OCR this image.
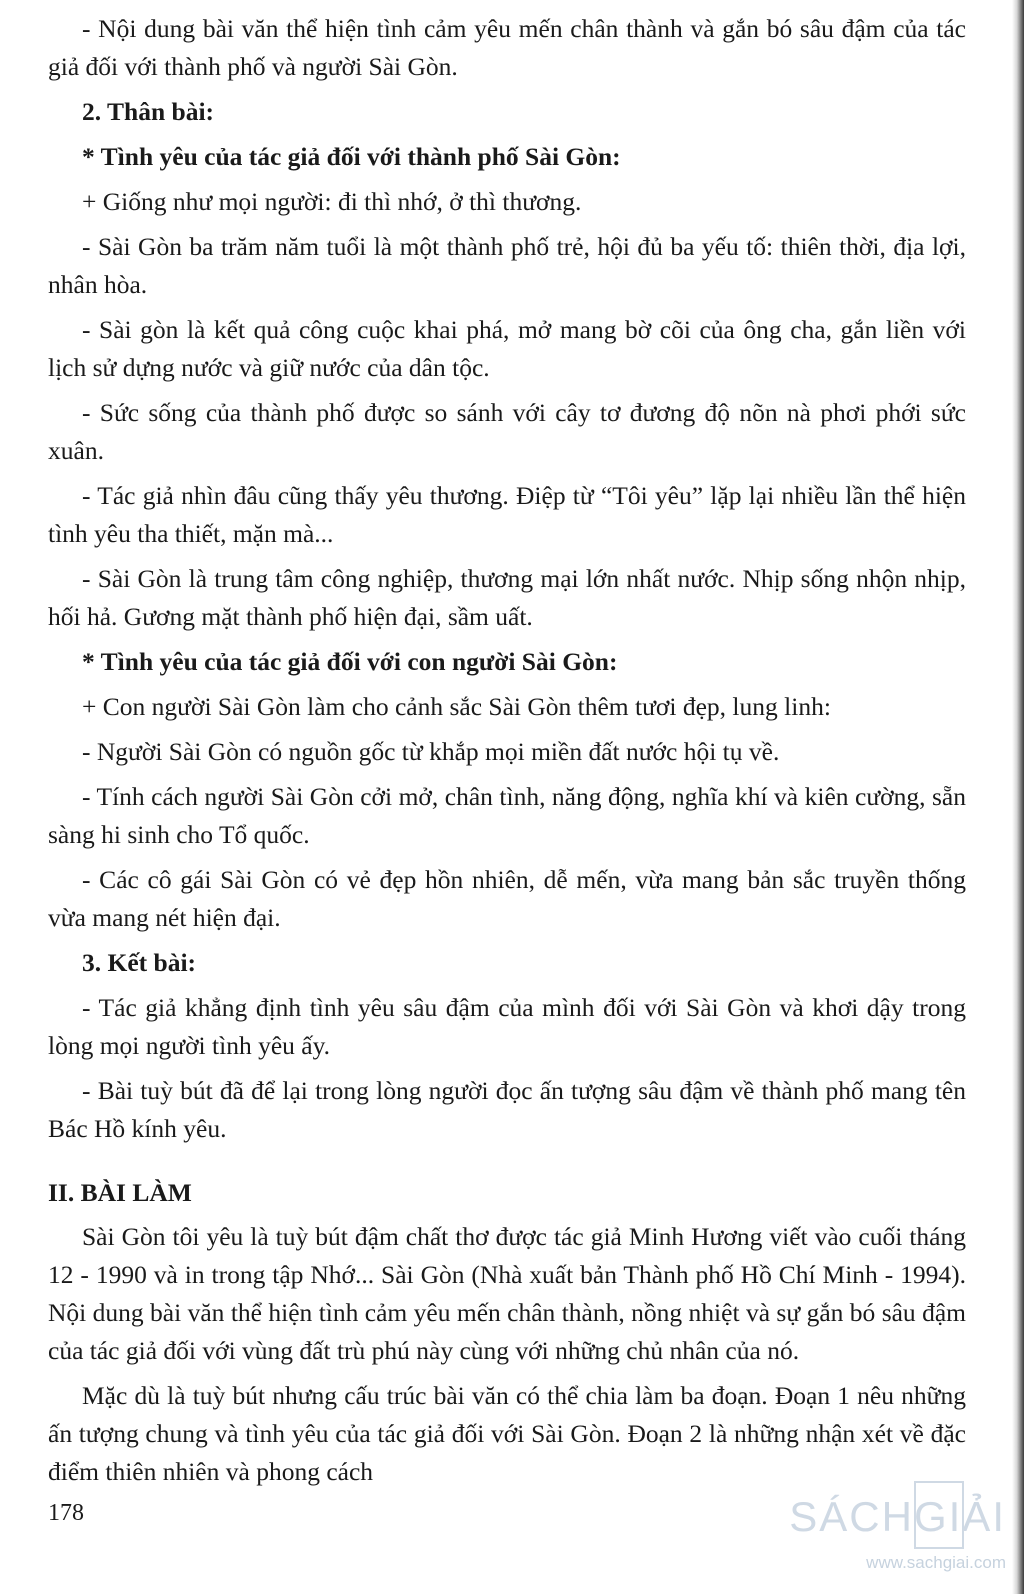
- Nội dung bài văn thể hiện tình cảm yêu mến chân thành và gắn bó sâu đậm của tác giả đối với thành phố và người Sài Gòn.
2. Thân bài:
* Tình yêu của tác giả đối với thành phố Sài Gòn:
+ Giống như mọi người: đi thì nhớ, ở thì thương.
- Sài Gòn ba trăm năm tuổi là một thành phố trẻ, hội đủ ba yếu tố: thiên thời, địa lợi, nhân hòa.
- Sài gòn là kết quả công cuộc khai phá, mở mang bờ cõi của ông cha, gắn liền với lịch sử dựng nước và giữ nước của dân tộc.
- Sức sống của thành phố được so sánh với cây tơ đương độ nõn nà phơi phới sức xuân.
- Tác giả nhìn đâu cũng thấy yêu thương. Điệp từ “Tôi yêu” lặp lại nhiều lần thể hiện tình yêu tha thiết, mặn mà...
- Sài Gòn là trung tâm công nghiệp, thương mại lớn nhất nước. Nhịp sống nhộn nhịp, hối hả. Gương mặt thành phố hiện đại, sầm uất.
* Tình yêu của tác giả đối với con người Sài Gòn:
+ Con người Sài Gòn làm cho cảnh sắc Sài Gòn thêm tươi đẹp, lung linh:
- Người Sài Gòn có nguồn gốc từ khắp mọi miền đất nước hội tụ về.
- Tính cách người Sài Gòn cởi mở, chân tình, năng động, nghĩa khí và kiên cường, sẵn sàng hi sinh cho Tổ quốc.
- Các cô gái Sài Gòn có vẻ đẹp hồn nhiên, dễ mến, vừa mang bản sắc truyền thống vừa mang nét hiện đại.
3. Kết bài:
- Tác giả khẳng định tình yêu sâu đậm của mình đối với Sài Gòn và khơi dậy trong lòng mọi người tình yêu ấy.
- Bài tuỳ bút đã để lại trong lòng người đọc ấn tượng sâu đậm về thành phố mang tên Bác Hồ kính yêu.
II. BÀI LÀM
Sài Gòn tôi yêu là tuỳ bút đậm chất thơ được tác giả Minh Hương viết vào cuối tháng 12 - 1990 và in trong tập Nhớ... Sài Gòn (Nhà xuất bản Thành phố Hồ Chí Minh - 1994). Nội dung bài văn thể hiện tình cảm yêu mến chân thành, nồng nhiệt và sự gắn bó sâu đậm của tác giả đối với vùng đất trù phú này cùng với những chủ nhân của nó.
Mặc dù là tuỳ bút nhưng cấu trúc bài văn có thể chia làm ba đoạn. Đoạn 1 nêu những ấn tượng chung và tình yêu của tác giả đối với Sài Gòn. Đoạn 2 là những nhận xét về đặc điểm thiên nhiên và phong cách
178	SÁCHGIẢI
www.sachgiai.com
